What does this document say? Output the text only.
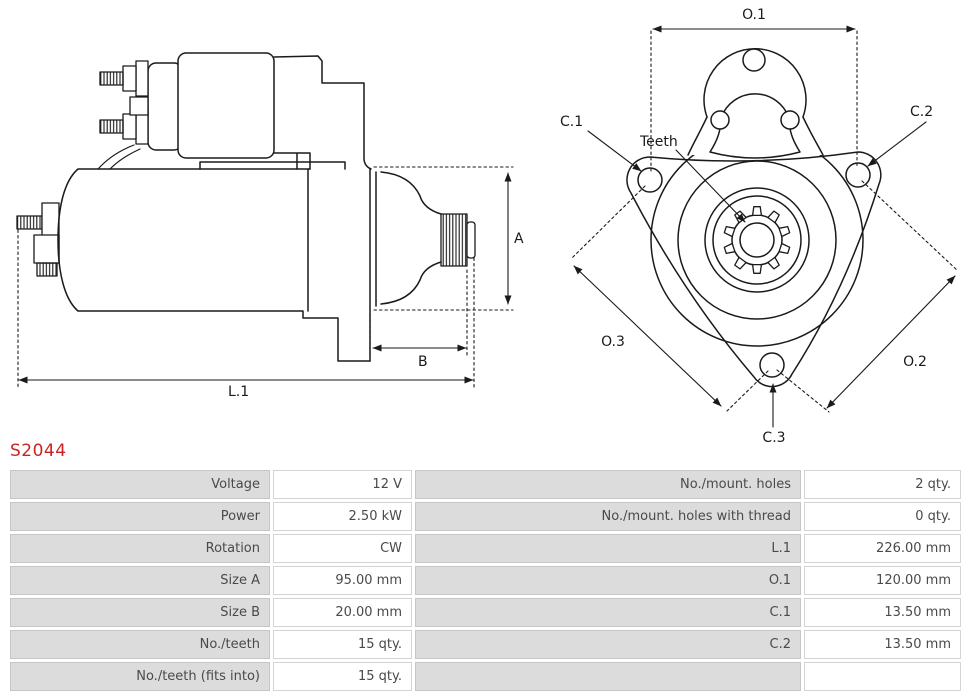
A
B
L.1
O.1
C.1
C.2
Teeth
O.3
O.2
C.3
S2044
Voltage	12 V	No./mount. holes	2 qty.
Power	2.50 kW	No./mount. holes with thread	0 qty.
Rotation	CW	L.1	226.00 mm
Size A	95.00 mm	O.1	120.00 mm
Size B	20.00 mm	C.1	13.50 mm
No./teeth	15 qty.	C.2	13.50 mm
No./teeth (fits into)	15 qty.
